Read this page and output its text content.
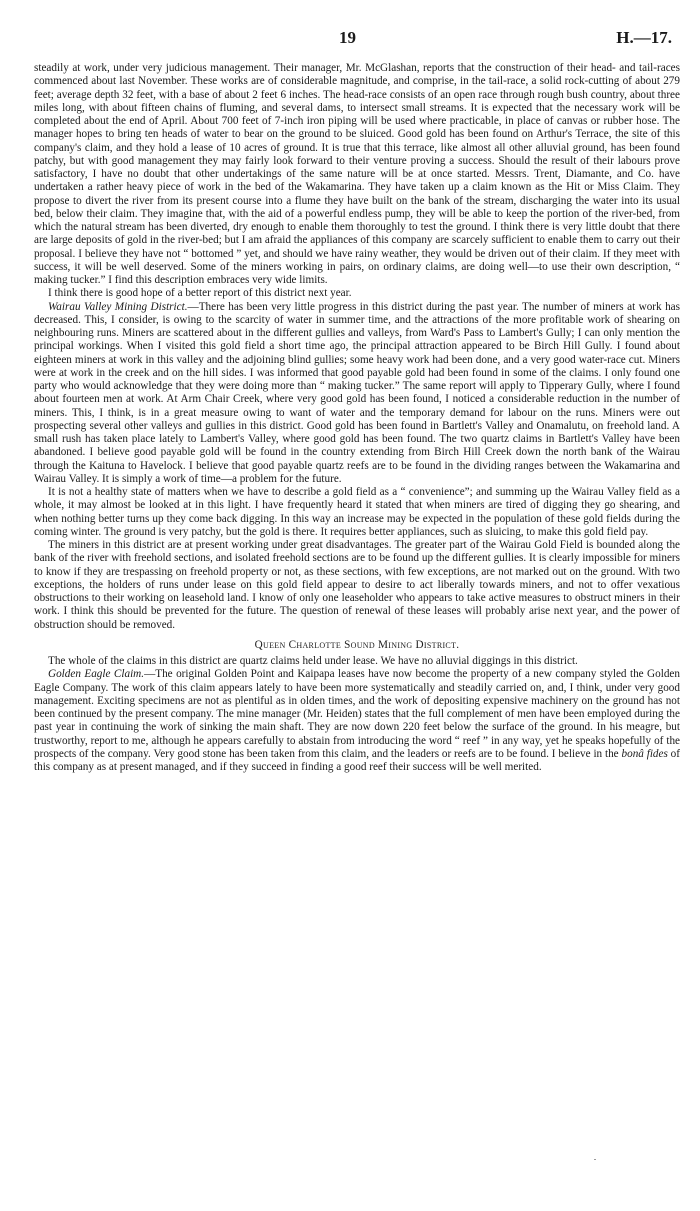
19	H.—17.

steadily at work, under very judicious management. Their manager, Mr. McGlashan, reports that the construction of their head- and tail-races commenced about last November. These works are of considerable magnitude, and comprise, in the tail-race, a solid rock-cutting of about 279 feet; average depth 32 feet, with a base of about 2 feet 6 inches. The head-race consists of an open race through rough bush country, about three miles long, with about fifteen chains of fluming, and several dams, to intersect small streams. It is expected that the necessary work will be completed about the end of April. About 700 feet of 7-inch iron piping will be used where practicable, in place of canvas or rubber hose. The manager hopes to bring ten heads of water to bear on the ground to be sluiced. Good gold has been found on Arthur's Terrace, the site of this company's claim, and they hold a lease of 10 acres of ground. It is true that this terrace, like almost all other alluvial ground, has been found patchy, but with good management they may fairly look forward to their venture proving a success. Should the result of their labours prove satisfactory, I have no doubt that other undertakings of the same nature will be at once started. Messrs. Trent, Diamante, and Co. have undertaken a rather heavy piece of work in the bed of the Wakamarina. They have taken up a claim known as the Hit or Miss Claim. They propose to divert the river from its present course into a flume they have built on the bank of the stream, discharging the water into its usual bed, below their claim. They imagine that, with the aid of a powerful endless pump, they will be able to keep the portion of the river-bed, from which the natural stream has been diverted, dry enough to enable them thoroughly to test the ground. I think there is very little doubt that there are large deposits of gold in the river-bed; but I am afraid the appliances of this company are scarcely sufficient to enable them to carry out their proposal. I believe they have not “ bottomed ” yet, and should we have rainy weather, they would be driven out of their claim. If they meet with success, it will be well deserved. Some of the miners working in pairs, on ordinary claims, are doing well—to use their own description, “ making tucker.” I find this description embraces very wide limits.

I think there is good hope of a better report of this district next year.

Wairau Valley Mining District.—There has been very little progress in this district during the past year. The number of miners at work has decreased. This, I consider, is owing to the scarcity of water in summer time, and the attractions of the more profitable work of shearing on neighbouring runs. Miners are scattered about in the different gullies and valleys, from Ward's Pass to Lambert's Gully; I can only mention the principal workings. When I visited this gold field a short time ago, the principal attraction appeared to be Birch Hill Gully. I found about eighteen miners at work in this valley and the adjoining blind gullies; some heavy work had been done, and a very good water-race cut. Miners were at work in the creek and on the hill sides. I was informed that good payable gold had been found in some of the claims. I only found one party who would acknowledge that they were doing more than “ making tucker.” The same report will apply to Tipperary Gully, where I found about fourteen men at work. At Arm Chair Creek, where very good gold has been found, I noticed a considerable reduction in the number of miners. This, I think, is in a great measure owing to want of water and the temporary demand for labour on the runs. Miners were out prospecting several other valleys and gullies in this district. Good gold has been found in Bartlett's Valley and Onamalutu, on freehold land. A small rush has taken place lately to Lambert's Valley, where good gold has been found. The two quartz claims in Bartlett's Valley have been abandoned. I believe good payable gold will be found in the country extending from Birch Hill Creek down the north bank of the Wairau through the Kaituna to Havelock. I believe that good payable quartz reefs are to be found in the dividing ranges between the Wakamarina and Wairau Valley. It is simply a work of time—a problem for the future.

It is not a healthy state of matters when we have to describe a gold field as a “ convenience”; and summing up the Wairau Valley field as a whole, it may almost be looked at in this light. I have frequently heard it stated that when miners are tired of digging they go shearing, and when nothing better turns up they come back digging. In this way an increase may be expected in the population of these gold fields during the coming winter. The ground is very patchy, but the gold is there. It requires better appliances, such as sluicing, to make this gold field pay.

The miners in this district are at present working under great disadvantages. The greater part of the Wairau Gold Field is bounded along the bank of the river with freehold sections, and isolated freehold sections are to be found up the different gullies. It is clearly impossible for miners to know if they are trespassing on freehold property or not, as these sections, with few exceptions, are not marked out on the ground. With two exceptions, the holders of runs under lease on this gold field appear to desire to act liberally towards miners, and not to offer vexatious obstructions to their working on leasehold land. I know of only one leaseholder who appears to take active measures to obstruct miners in their work. I think this should be prevented for the future. The question of renewal of these leases will probably arise next year, and the power of obstruction should be removed.

Queen Charlotte Sound Mining District.

The whole of the claims in this district are quartz claims held under lease. We have no alluvial diggings in this district.

Golden Eagle Claim.—The original Golden Point and Kaipapa leases have now become the property of a new company styled the Golden Eagle Company. The work of this claim appears lately to have been more systematically and steadily carried on, and, I think, under very good management. Exciting specimens are not as plentiful as in olden times, and the work of depositing expensive machinery on the ground has not been continued by the present company. The mine manager (Mr. Heiden) states that the full complement of men have been employed during the past year in continuing the work of sinking the main shaft. They are now down 220 feet below the surface of the ground. In his meagre, but trustworthy, report to me, although he appears carefully to abstain from introducing the word “ reef ” in any way, yet he speaks hopefully of the prospects of the company. Very good stone has been taken from this claim, and the leaders or reefs are to be found. I believe in the bonâ fides of this company as at present managed, and if they succeed in finding a good reef their success will be well merited.
